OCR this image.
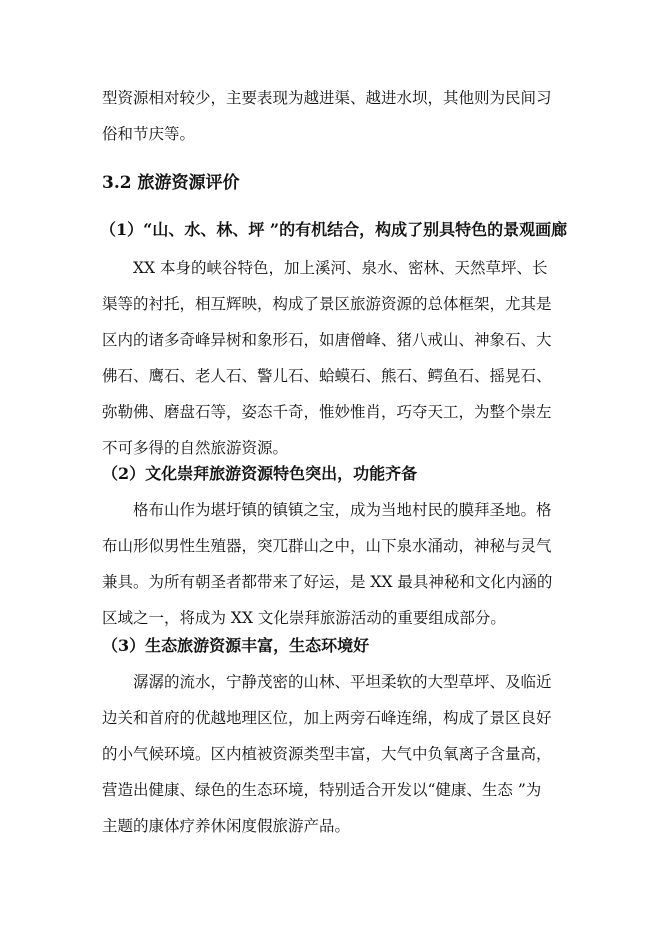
型资源相对较少，主要表现为越进渠、越进水坝，其他则为民间习
俗和节庆等。
3.2 旅游资源评价
（1）“山、水、林、坪 ”的有机结合，构成了别具特色的景观画廊
XX 本身的峡谷特色，加上溪河、泉水、密林、天然草坪、长
渠等的衬托，相互辉映，构成了景区旅游资源的总体框架，尤其是
区内的诸多奇峰异树和象形石，如唐僧峰、猪八戒山、神象石、大
佛石、鹰石、老人石、警儿石、蛤蟆石、熊石、鳄鱼石、摇晃石、
弥勒佛、磨盘石等，姿态千奇，惟妙惟肖，巧夺天工，为整个崇左
不可多得的自然旅游资源。
（2）文化崇拜旅游资源特色突出，功能齐备
格布山作为堪圩镇的镇镇之宝，成为当地村民的膜拜圣地。格
布山形似男性生殖器，突兀群山之中，山下泉水涌动，神秘与灵气
兼具。为所有朝圣者都带来了好运，是 XX 最具神秘和文化内涵的
区域之一，将成为 XX 文化崇拜旅游活动的重要组成部分。
（3）生态旅游资源丰富，生态环境好
潺潺的流水，宁静茂密的山林、平坦柔软的大型草坪、及临近
边关和首府的优越地理区位，加上两旁石峰连绵，构成了景区良好
的小气候环境。区内植被资源类型丰富，大气中负氧离子含量高，
营造出健康、绿色的生态环境，特别适合开发以“健康、生态 ”为
主题的康体疗养休闲度假旅游产品。
